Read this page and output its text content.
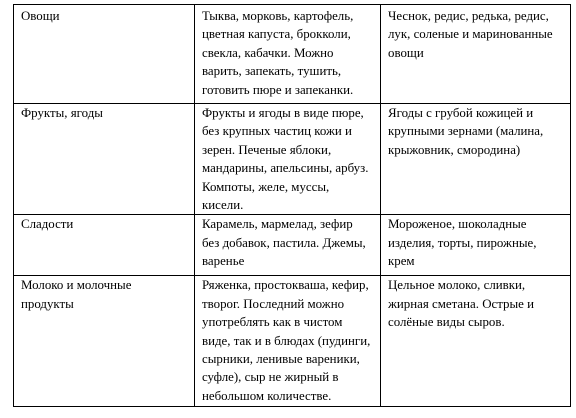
Овощи	Тыква, морковь, картофель, цветная капуста, брокколи, свекла, кабачки. Можно варить, запекать, тушить, готовить пюре и запеканки.	Чеснок, редис, редька, редис, лук, соленые и маринованные овощи
Фрукты, ягоды	Фрукты и ягоды в виде пюре, без крупных частиц кожи и зерен. Печеные яблоки, мандарины, апельсины, арбуз. Компоты, желе, муссы, кисели.	Ягоды с грубой кожицей и крупными зернами (малина, крыжовник, смородина)
Сладости	Карамель, мармелад, зефир без добавок, пастила. Джемы, варенье	Мороженое, шоколадные изделия, торты, пирожные, крем
Молоко и молочные продукты	Ряженка, простокваша, кефир, творог. Последний можно употреблять как в чистом виде, так и в блюдах (пудинги, сырники, ленивые вареники, суфле), сыр не жирный в небольшом количестве.	Цельное молоко, сливки, жирная сметана. Острые и солёные виды сыров.
